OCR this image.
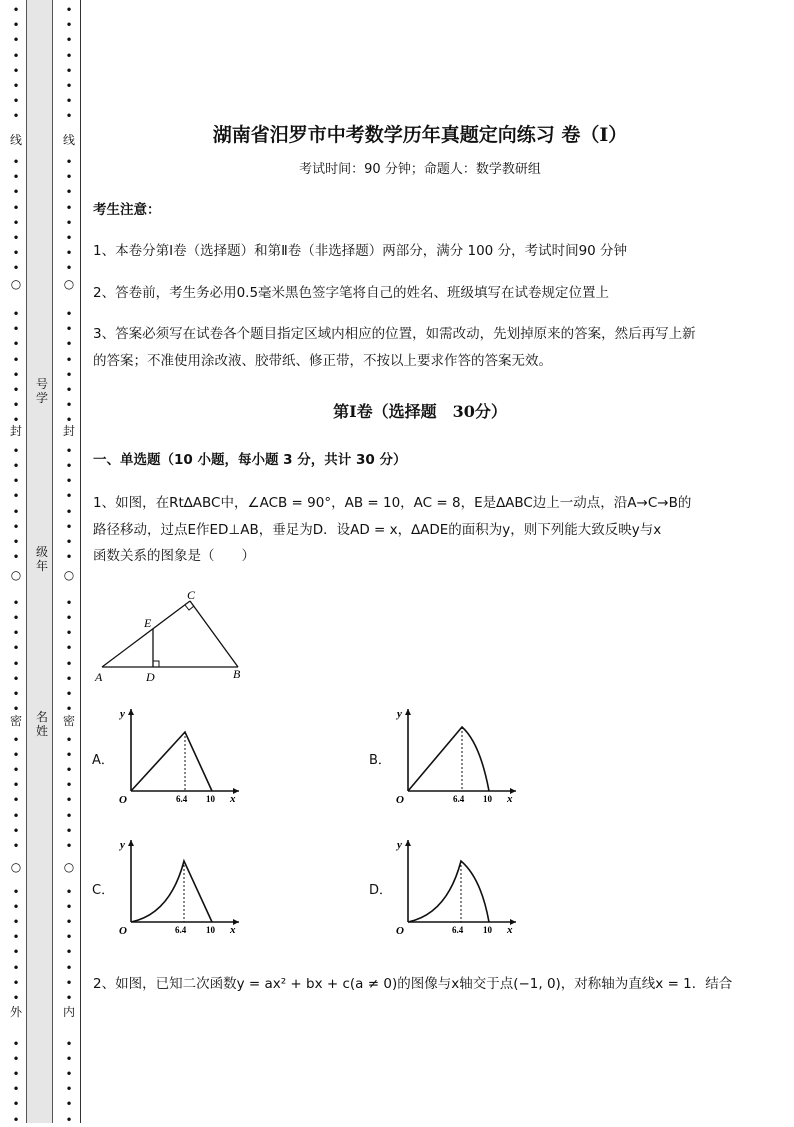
•
•
•
•
•
•
•
•
•
•
•
•
•
•
•
•
•
•
•
•
•
•
•
•
•
•
•
•
•
•
•
•
•
•
•
•
•
•
•
•
•
•
•
•
•
•
•
•
•
•
•
•
•
•
•
•
•
•
•
•
•
•
•
•
•
•
•
•
•
•
•
•
•
•
•
•
•
•
•
•
•
•
•
•
•
•
•
•
•
•
•
•
•
•
•
•
•
•
•
•
•
•
•
•
•
•
•
•
•
•
•
•
•
•
•
•
•
•
•
•
•
•
•
•
线
封
密
外
线
封
密
内
○
○
○
○
○
○
号学
级年
名姓
湖南省汨罗市中考数学历年真题定向练习 卷（Ⅰ）
考试时间：90 分钟；命题人：数学教研组
考生注意：
1、本卷分第Ⅰ卷（选择题）和第Ⅱ卷（非选择题）两部分，满分 100 分，考试时间90 分钟
2、答卷前，考生务必用0.5毫米黑色签字笔将自己的姓名、班级填写在试卷规定位置上
3、答案必须写在试卷各个题目指定区域内相应的位置，如需改动，先划掉原来的答案，然后再写上新
的答案；不准使用涂改液、胶带纸、修正带，不按以上要求作答的答案无效。
第Ⅰ卷（选择题　30分）
一、单选题（10 小题，每小题 3 分，共计 30 分）
1、如图，在Rt∆ABC中，∠ACB = 90°，AB = 10，AC = 8，E是∆ABC边上一动点，沿A→C→B的
路径移动，过点E作ED⊥AB，垂足为D．设AD = x，∆ADE的面积为y，则下列能大致反映y与x
函数关系的图象是（　　）
A	B
C
D
E
A．	B．
C．	D．
y
x
O	6.4 10
y
x
O	6.4 10
y
x
O	6.4 10
y
x
O	6.4 10
2、如图，已知二次函数y = ax² + bx + c(a ≠ 0)的图像与x轴交于点(−1, 0)，对称轴为直线x = 1．结合
